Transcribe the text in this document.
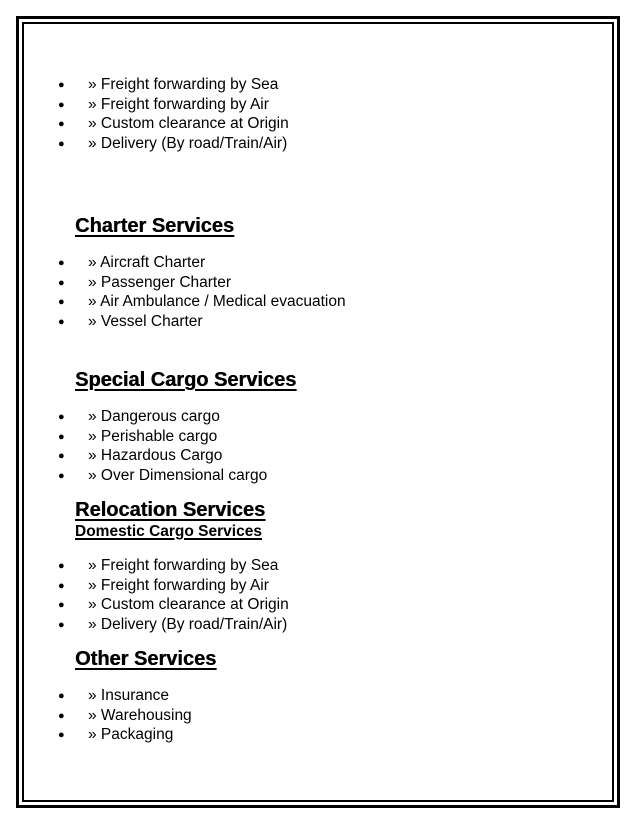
● » Freight forwarding by Sea
● » Freight forwarding by Air
● » Custom clearance at Origin
● » Delivery (By road/Train/Air)
Charter Services
● » Aircraft Charter
● » Passenger Charter
● » Air Ambulance / Medical evacuation
● » Vessel Charter
Special Cargo Services
● » Dangerous cargo
● » Perishable cargo
● » Hazardous Cargo
● » Over Dimensional cargo
Relocation Services
Domestic Cargo Services
● » Freight forwarding by Sea
● » Freight forwarding by Air
● » Custom clearance at Origin
● » Delivery (By road/Train/Air)
Other Services
● » Insurance
● » Warehousing
● » Packaging
